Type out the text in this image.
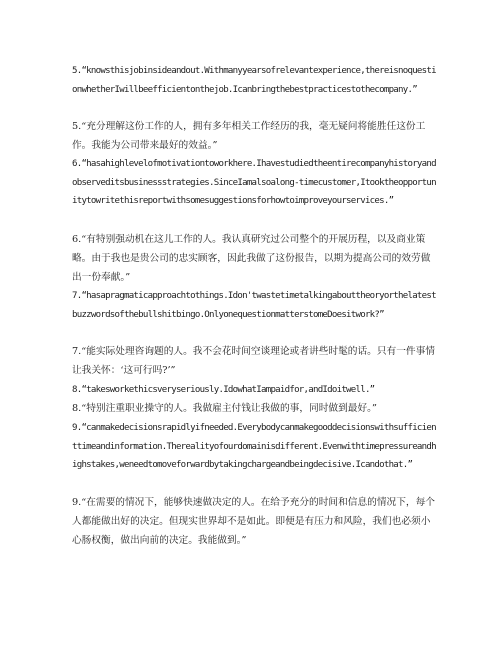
5.“knowsthisjobinsideandout.Withmanyyearsofrelevantexperience,thereisnoquestionwhetherIwillbeefficientonthejob.Icanbringthebestpracticestothecompany.”

5.“充分理解这份工作的人，拥有多年相关工作经历的我，毫无疑问将能胜任这份工作。我能为公司带来最好的效益。”

6.“hasahighlevelofmotivationtoworkhere.Ihavestudiedtheentirecompanyhistoryandobserveditsbusinessstrategies.SinceIamalsoalong-timecustomer,Itooktheopportunitytowritethisreportwithsomesuggestionsforhowtoimproveyourservices.”

6.“有特别强动机在这儿工作的人。我认真研究过公司整个的开展历程，以及商业策略。由于我也是贵公司的忠实顾客，因此我做了这份报告，以期为提高公司的效劳做出一份奉献。”

7.“hasapragmaticapproachtothings.Idon'twastetimetalkingabouttheoryorthelatestbuzzwordsofthebullshitbingo.OnlyonequestionmatterstomeDoesitwork?”

7.“能实际处理咨询题的人。我不会花时间空谈理论或者讲些时髦的话。只有一件事情让我关怀：‘这可行吗?’”

8.“takesworkethicsveryseriously.IdowhatIampaidfor,andIdoitwell.”

8.“特别注重职业操守的人。我做雇主付钱让我做的事，同时做到最好。”

9.“canmakedecisionsrapidlyifneeded.Everybodycanmakegooddecisionswithsufficienttimeandinformation.Therealityofourdomainisdifferent.Evenwithtimepressureandhighstakes,weneedtomoveforwardbytakingchargeandbeingdecisive.Icandothat.”

9.“在需要的情况下，能够快速做决定的人。在给予充分的时间和信息的情况下，每个人都能做出好的决定。但现实世界却不是如此。即便是有压力和风险，我们也必须小心肠权衡，做出向前的决定。我能做到。”
